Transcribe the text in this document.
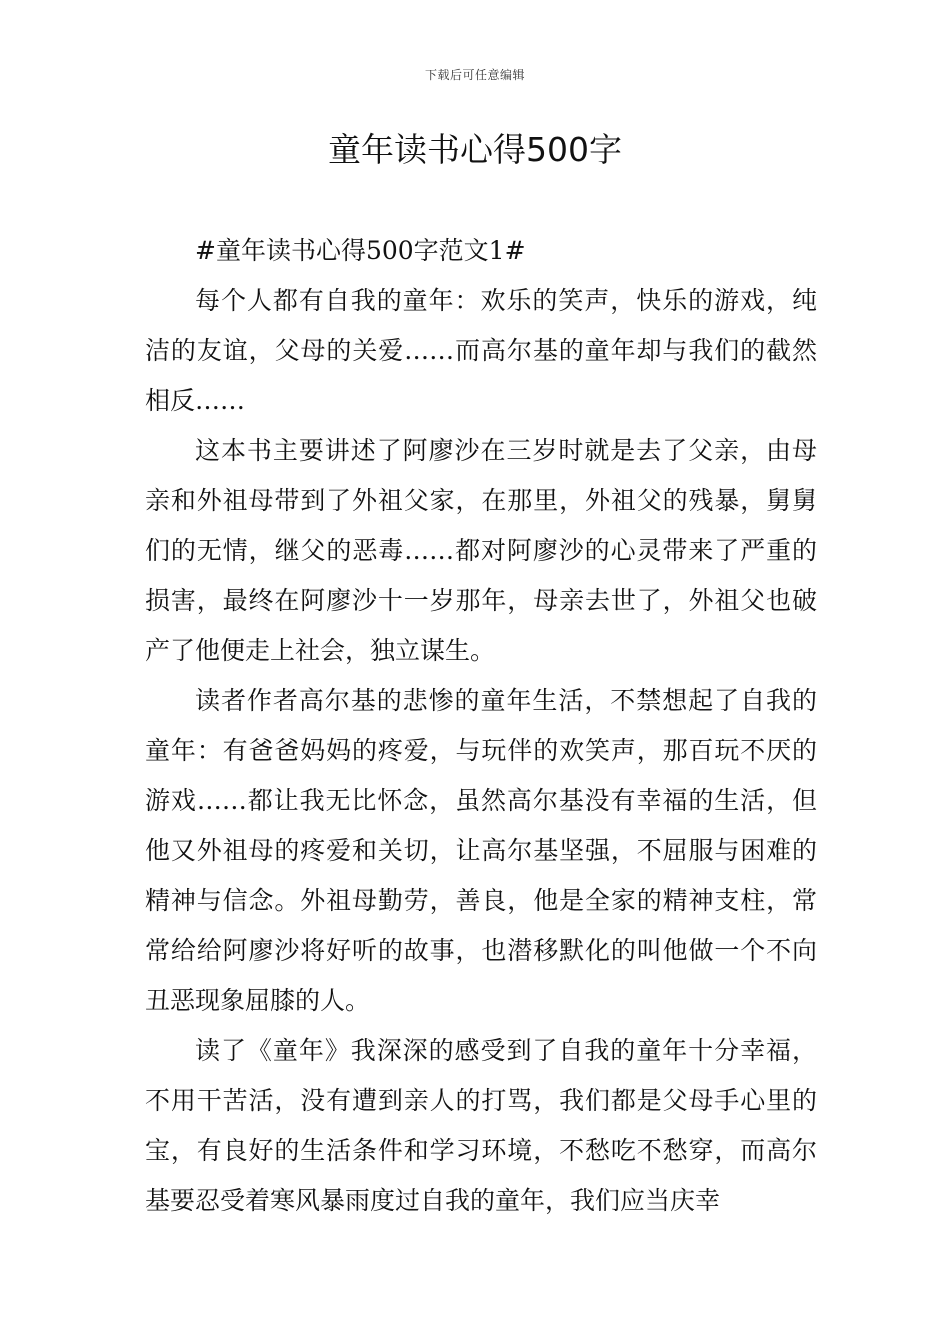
下载后可任意编辑
童年读书心得500字

#童年读书心得500字范文1#

每个人都有自我的童年：欢乐的笑声，快乐的游戏，纯洁的友谊，父母的关爱……而高尔基的童年却与我们的截然相反……

这本书主要讲述了阿廖沙在三岁时就是去了父亲，由母亲和外祖母带到了外祖父家，在那里，外祖父的残暴，舅舅们的无情，继父的恶毒……都对阿廖沙的心灵带来了严重的损害，最终在阿廖沙十一岁那年，母亲去世了，外祖父也破产了他便走上社会，独立谋生。

读者作者高尔基的悲惨的童年生活，不禁想起了自我的童年：有爸爸妈妈的疼爱，与玩伴的欢笑声，那百玩不厌的游戏……都让我无比怀念，虽然高尔基没有幸福的生活，但他又外祖母的疼爱和关切，让高尔基坚强，不屈服与困难的精神与信念。外祖母勤劳，善良，他是全家的精神支柱，常常给给阿廖沙将好听的故事，也潜移默化的叫他做一个不向丑恶现象屈膝的人。

读了《童年》我深深的感受到了自我的童年十分幸福，不用干苦活，没有遭到亲人的打骂，我们都是父母手心里的宝，有良好的生活条件和学习环境，不愁吃不愁穿，而高尔基要忍受着寒风暴雨度过自我的童年，我们应当庆幸
